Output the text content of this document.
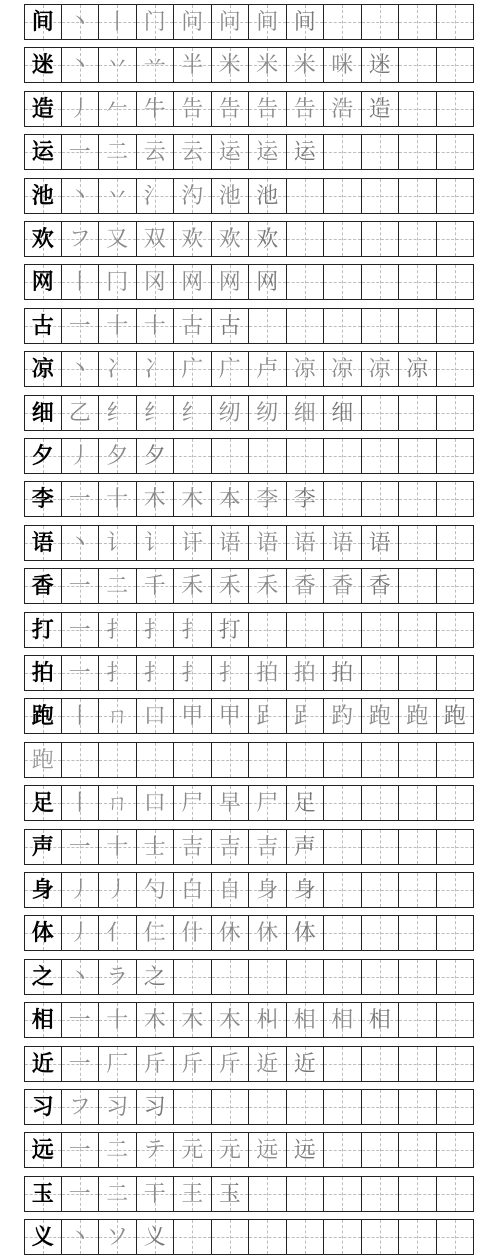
间 丶 丨 门 问 问 间 间
迷 丶 丷 䒑 半 米 米 米 咪 迷
造 丿 𠂉 牛 告 告 告 告 浩 造
运 一 二 云 云 运 运 运
池 丶 丷 氵 汋 池 池
欢 フ 又 双 欢 欢 欢
网 丨 冂 冈 网 网 网
古 一 十 十 古 古
凉 丶 冫 冫 广 广 卢 凉 凉 凉 凉
细 乙 纟 纟 纟 纫 纫 细 细
夕 丿 夕 夕
李 一 十 木 木 本 李 李
语 丶 讠 讠 讦 语 语 语 语 语
香 一 二 千 禾 禾 禾 香 香 香
打 一 扌 扌 扌 打
拍 一 扌 扌 扌 扌 拍 拍 拍
跑 丨 ㄇ 口 甲 甲 𧾷 𧾷 趵 跑 跑 跑
跑
足 丨 ㄇ 口 尸 早 尸 足
声 一 十 士 吉 吉 吉 声
身 丿 丿 勺 白 自 身 身
体 丿 亻 仁 什 休 休 体
之 丶 ラ 之
相 一 十 木 木 木 朻 相 相 相
近 一 厂 斤 斤 斤 近 近
习 フ 习 习
远 一 二 テ 元 元 远 远
玉 一 二 干 王 玉
义 丶 ソ 义
